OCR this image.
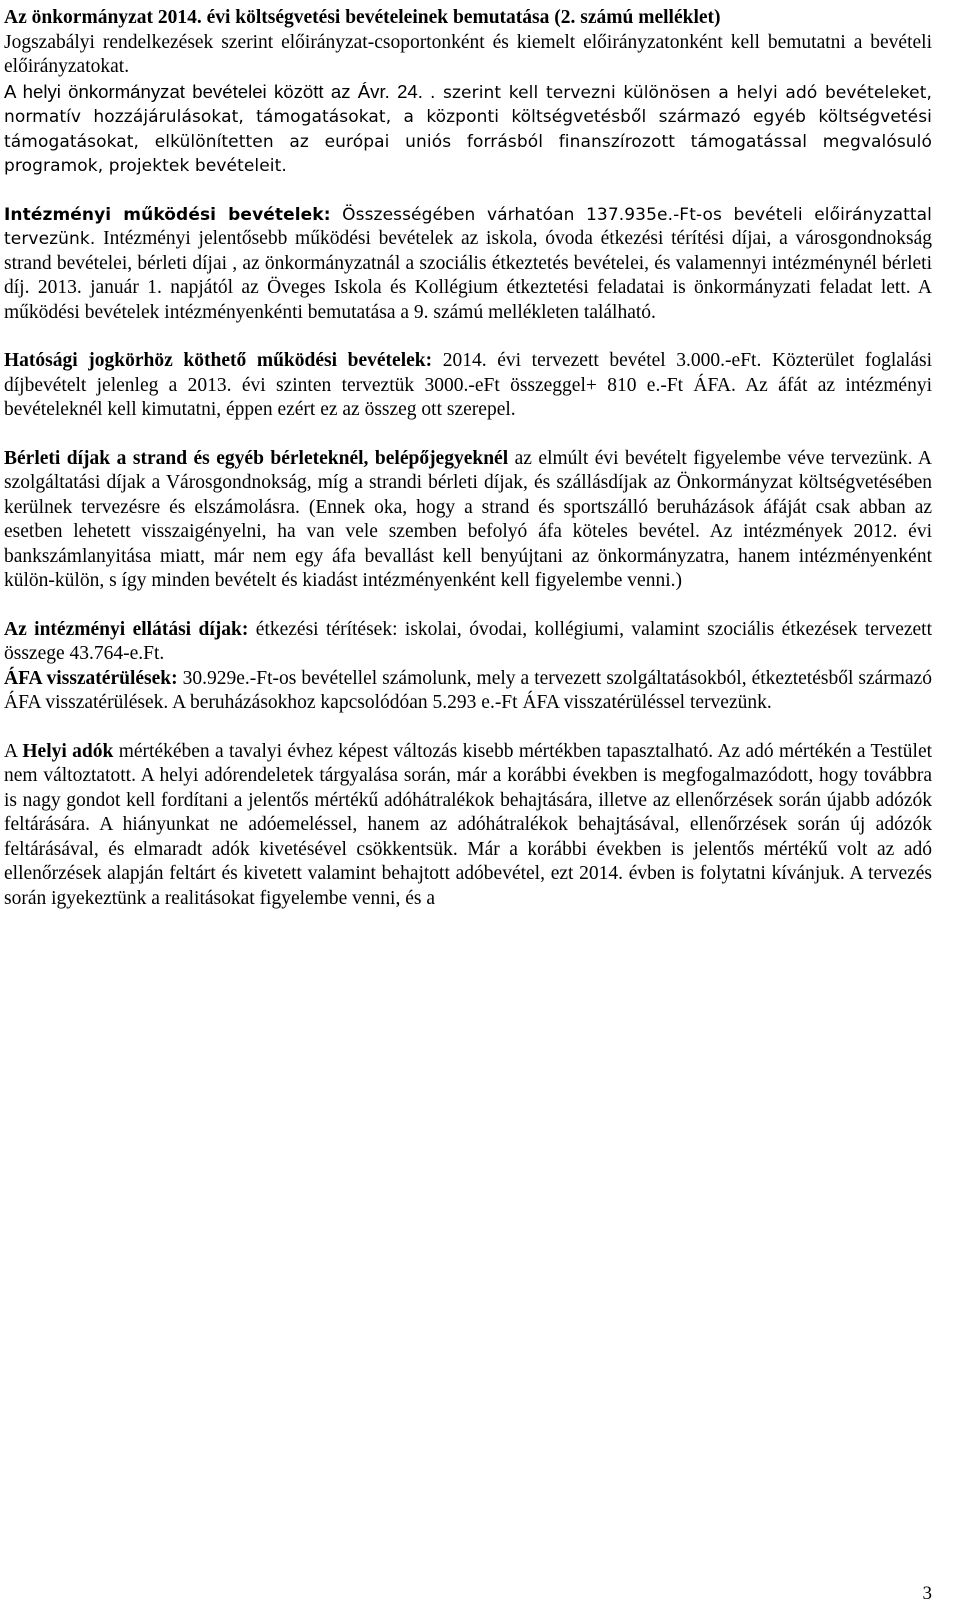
Az önkormányzat 2014. évi költségvetési bevételeinek bemutatása (2. számú melléklet)

Jogszabályi rendelkezések szerint előirányzat-csoportonként és kiemelt előirányzatonként kell bemutatni a bevételi előirányzatokat.

A helyi önkormányzat bevételei között az Ávr. 24. . szerint kell tervezni különösen a helyi adó bevételeket, normatív hozzájárulásokat, támogatásokat, a központi költségvetésből származó egyéb költségvetési támogatásokat, elkülönítetten az európai uniós forrásból finanszírozott támogatással megvalósuló programok, projektek bevételeit.

Intézményi működési bevételek: Összességében várhatóan 137.935e.-Ft-os bevételi előirányzattal tervezünk. Intézményi jelentősebb működési bevételek az iskola, óvoda étkezési térítési díjai, a városgondnokság strand bevételei, bérleti díjai , az önkormányzatnál a szociális étkeztetés bevételei, és valamennyi intézménynél bérleti díj. 2013. január 1. napjától az Öveges Iskola és Kollégium étkeztetési feladatai is önkormányzati feladat lett. A működési bevételek intézményenkénti bemutatása a 9. számú mellékleten található.

Hatósági jogkörhöz köthető működési bevételek: 2014. évi tervezett bevétel 3.000.-eFt. Közterület foglalási díjbevételt jelenleg a 2013. évi szinten terveztük 3000.-eFt összeggel+ 810 e.-Ft ÁFA. Az áfát az intézményi bevételeknél kell kimutatni, éppen ezért ez az összeg ott szerepel.

Bérleti díjak a strand és egyéb bérleteknél, belépőjegyeknél az elmúlt évi bevételt figyelembe véve tervezünk. A szolgáltatási díjak a Városgondnokság, míg a strandi bérleti díjak, és szállásdíjak az Önkormányzat költségvetésében kerülnek tervezésre és elszámolásra. (Ennek oka, hogy a strand és sportszálló beruházások áfáját csak abban az esetben lehetett visszaigényelni, ha van vele szemben befolyó áfa köteles bevétel. Az intézmények 2012. évi bankszámlanyitása miatt, már nem egy áfa bevallást kell benyújtani az önkormányzatra, hanem intézményenként külön-külön, s így minden bevételt és kiadást intézményenként kell figyelembe venni.)

Az intézményi ellátási díjak: étkezési térítések: iskolai, óvodai, kollégiumi, valamint szociális étkezések tervezett összege 43.764-e.Ft.

ÁFA visszatérülések: 30.929e.-Ft-os bevétellel számolunk, mely a tervezett szolgáltatásokból, étkeztetésből származó ÁFA visszatérülések. A beruházásokhoz kapcsolódóan 5.293 e.-Ft ÁFA visszatérüléssel tervezünk.

A Helyi adók mértékében a tavalyi évhez képest változás kisebb mértékben tapasztalható. Az adó mértékén a Testület nem változtatott. A helyi adórendeletek tárgyalása során, már a korábbi években is megfogalmazódott, hogy továbbra is nagy gondot kell fordítani a jelentős mértékű adóhátralékok behajtására, illetve az ellenőrzések során újabb adózók feltárására. A hiányunkat ne adóemeléssel, hanem az adóhátralékok behajtásával, ellenőrzések során új adózók feltárásával, és elmaradt adók kivetésével csökkentsük. Már a korábbi években is jelentős mértékű volt az adó ellenőrzések alapján feltárt és kivetett valamint behajtott adóbevétel, ezt 2014. évben is folytatni kívánjuk. A tervezés során igyekeztünk a realitásokat figyelembe venni, és a

3
